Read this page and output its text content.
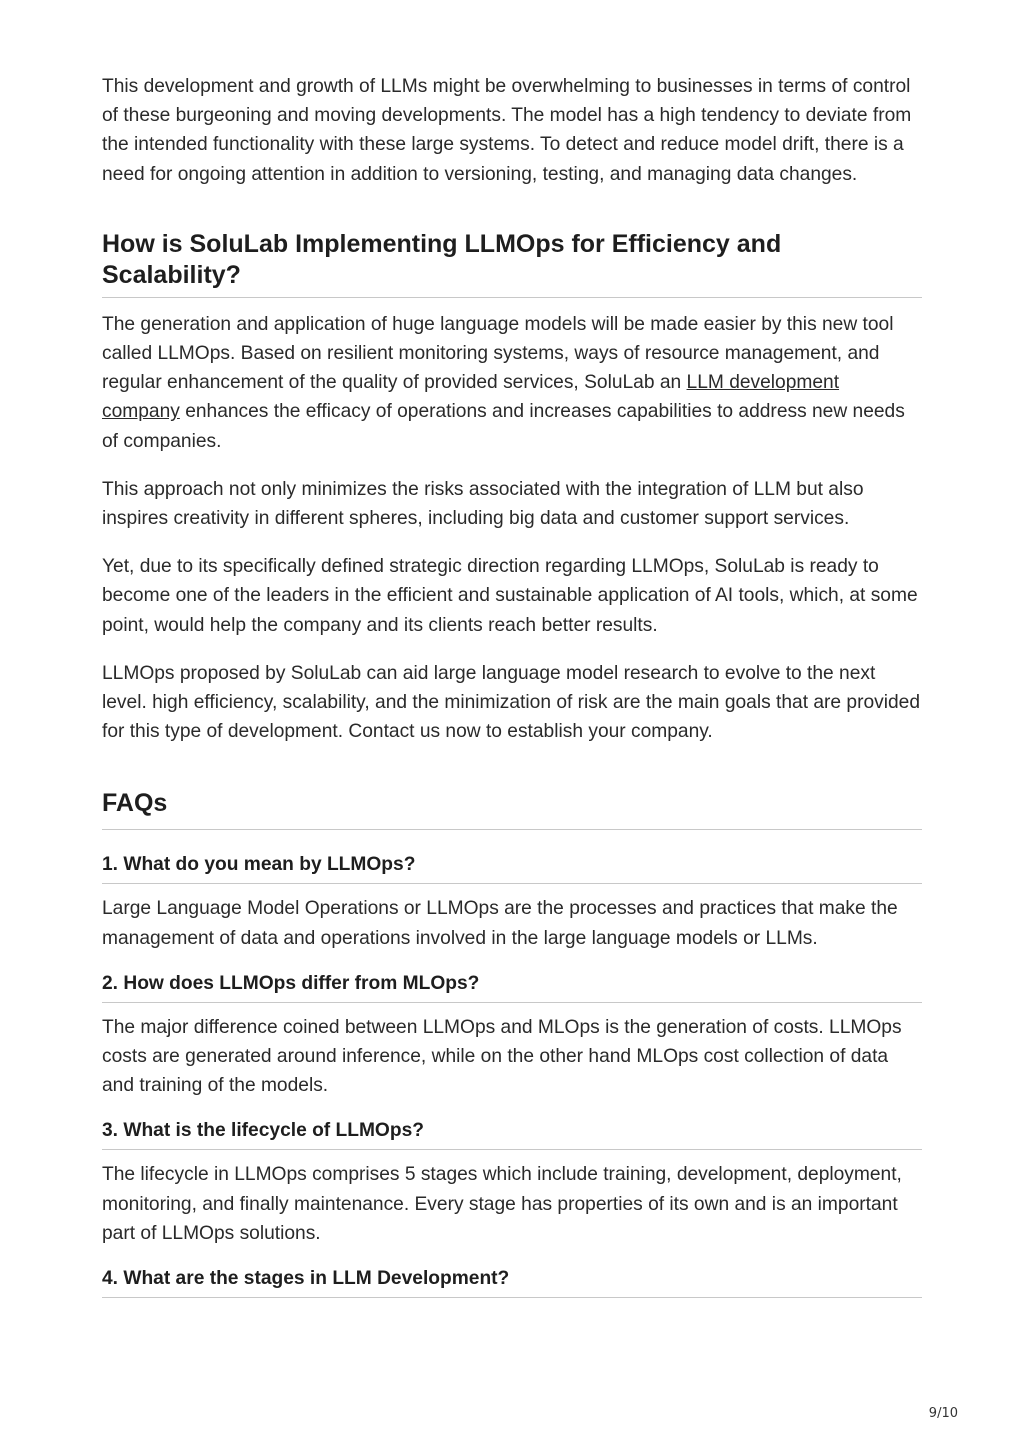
This development and growth of LLMs might be overwhelming to businesses in terms of control of these burgeoning and moving developments. The model has a high tendency to deviate from the intended functionality with these large systems. To detect and reduce model drift, there is a need for ongoing attention in addition to versioning, testing, and managing data changes.

How is SoluLab Implementing LLMOps for Efficiency and Scalability?

The generation and application of huge language models will be made easier by this new tool called LLMOps. Based on resilient monitoring systems, ways of resource management, and regular enhancement of the quality of provided services, SoluLab an LLM development company enhances the efficacy of operations and increases capabilities to address new needs of companies.

This approach not only minimizes the risks associated with the integration of LLM but also inspires creativity in different spheres, including big data and customer support services.

Yet, due to its specifically defined strategic direction regarding LLMOps, SoluLab is ready to become one of the leaders in the efficient and sustainable application of AI tools, which, at some point, would help the company and its clients reach better results.

LLMOps proposed by SoluLab can aid large language model research to evolve to the next level. high efficiency, scalability, and the minimization of risk are the main goals that are provided for this type of development. Contact us now to establish your company.

FAQs
1. What do you mean by LLMOps?

Large Language Model Operations or LLMOps are the processes and practices that make the management of data and operations involved in the large language models or LLMs.

2. How does LLMOps differ from MLOps?

The major difference coined between LLMOps and MLOps is the generation of costs. LLMOps costs are generated around inference, while on the other hand MLOps cost collection of data and training of the models.

3. What is the lifecycle of LLMOps?

The lifecycle in LLMOps comprises 5 stages which include training, development, deployment, monitoring, and finally maintenance. Every stage has properties of its own and is an important part of LLMOps solutions.

4. What are the stages in LLM Development?
9/10
